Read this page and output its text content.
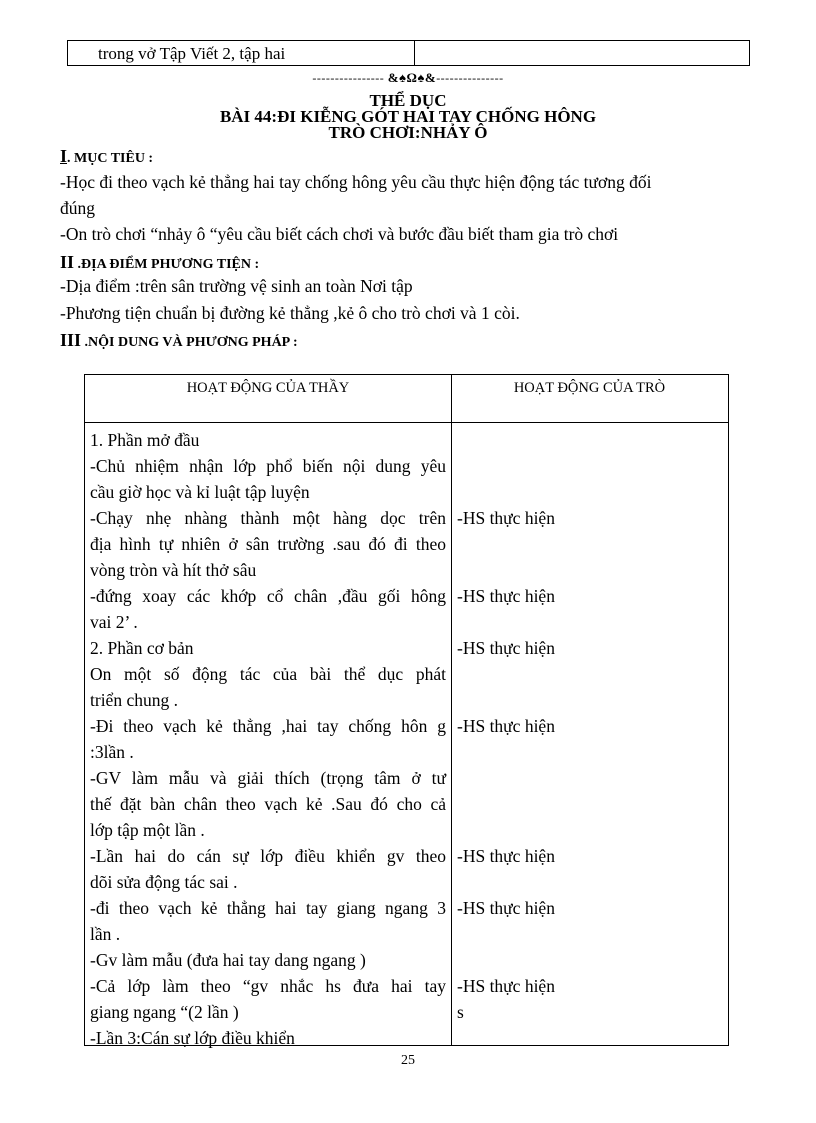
trong vở Tập Viết 2, tập hai
---------------- &♠Ω♠&---------------
THỂ DỤC
BÀI 44:ĐI KIỄNG GÓT HAI TAY CHỐNG HÔNG
TRÒ CHƠI:NHẢY Ô
I. MỤC TIÊU :
-Học đi theo vạch kẻ thẳng hai tay chống hông yêu cầu thực hiện động tác tương đối
đúng
-On trò chơi “nhảy ô “yêu cầu biết cách chơi và bước đầu biết tham gia trò chơi
II .ĐỊA ĐIỂM PHƯƠNG TIỆN :
-Dịa điểm :trên sân trường vệ sinh an toàn Nơi tập
-Phương tiện chuẩn bị đường kẻ thẳng ,kẻ ô cho trò chơi và 1 còi.
III .NỘI DUNG VÀ PHƯƠNG PHÁP :
HOẠT ĐỘNG CỦA THẦY	HOẠT ĐỘNG CỦA TRÒ
1. Phần mở đầu
-Chủ nhiệm nhận lớp phổ biến nội dung yêu
cầu giờ học và kỉ luật tập luyện
-Chạy nhẹ nhàng thành một hàng dọc trên
địa hình tự nhiên ở sân trường .sau đó đi theo
vòng tròn và hít thở sâu
-đứng xoay các khớp cổ chân ,đầu gối hông
vai 2’ .
2. Phần cơ bản
On một số động tác của bài thể dục phát
triển chung .
-Đi theo vạch kẻ thẳng ,hai tay chống hôn g
:3lần .
-GV làm mẫu và giải thích (trọng tâm ở tư
thế đặt bàn chân theo vạch kẻ .Sau đó cho cả
lớp tập một lần .
-Lần hai do cán sự lớp điều khiển gv theo
dõi sửa động tác sai .
-đi theo vạch kẻ thẳng hai tay giang ngang 3
lần .
-Gv làm mẫu (đưa hai tay dang ngang )
-Cả lớp làm theo “gv nhắc hs đưa hai tay
giang ngang “(2 lần )
-Lần 3:Cán sự lớp điều khiển
-HS thực hiện
-HS thực hiện
-HS thực hiện
-HS thực hiện
-HS thực hiện
-HS thực hiện
-HS thực hiện
s
25
